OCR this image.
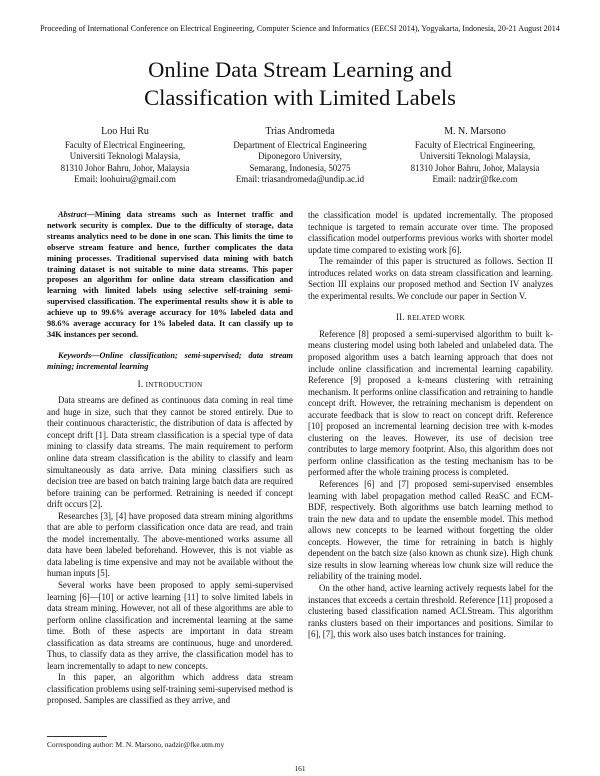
Proceeding of International Conference on Electrical Engineering, Computer Science and Informatics (EECSI 2014), Yogyakarta, Indonesia, 20-21 August 2014
Online Data Stream Learning and
Classification with Limited Labels
Loo Hui Ru
Faculty of Electrical Engineering,
Universiti Teknologi Malaysia,
81310 Johor Bahru, Johor, Malaysia
Email: loohuiru@gmail.com
Trias Andromeda
Department of Electrical Engineering
Diponegoro University,
Semarang, Indonesia, 50275
Email: triasandromeda@undip.ac.id
M. N. Marsono
Faculty of Electrical Engineering,
Universiti Teknologi Malaysia,
81310 Johor Bahru, Johor, Malaysia
Email: nadzir@fke.com

Abstract—Mining data streams such as Internet traffic and network security is complex. Due to the difficulty of storage, data streams analytics need to be done in one scan. This limits the time to observe stream feature and hence, further complicates the data mining processes. Traditional supervised data mining with batch training dataset is not suitable to mine data streams. This paper proposes an algorithm for online data stream classification and learning with limited labels using selective self-training semi-supervised classification. The experimental results show it is able to achieve up to 99.6% average accuracy for 10% labeled data and 98.6% average accuracy for 1% labeled data. It can classify up to 34K instances per second.

Keywords—Online classification; semi-supervised; data stream mining; incremental learning

I. INTRODUCTION

Data streams are defined as continuous data coming in real time and huge in size, such that they cannot be stored entirely. Due to their continuous characteristic, the distribution of data is affected by concept drift [1]. Data stream classification is a special type of data mining to classify data streams. The main requirement to perform online data stream classification is the ability to classify and learn simultaneously as data arrive. Data mining classifiers such as decision tree are based on batch training large batch data are required before training can be performed. Retraining is needed if concept drift occurs [2].

Researches [3], [4] have proposed data stream mining algorithms that are able to perform classification once data are read, and train the model incrementally. The above-mentioned works assume all data have been labeled beforehand. However, this is not viable as data labeling is time expensive and may not be available without the human inputs [5].

Several works have been proposed to apply semi-supervised learning [6]—[10] or active learning [11] to solve limited labels in data stream mining. However, not all of these algorithms are able to perform online classification and incremental learning at the same time. Both of these aspects are important in data stream classification as data streams are continuous, huge and unordered. Thus, to classify data as they arrive, the classification model has to learn incrementally to adapt to new concepts.

In this paper, an algorithm which address data stream classification problems using self-training semi-supervised method is proposed. Samples are classified as they arrive, and

the classification model is updated incrementally. The proposed technique is targeted to remain accurate over time. The proposed classification model outperforms previous works with shorter model update time compared to existing work [6].

The remainder of this paper is structured as follows. Section II introduces related works on data stream classification and learning. Section III explains our proposed method and Section IV analyzes the experimental results. We conclude our paper in Section V.

II. RELATED WORK

Reference [8] proposed a semi-supervised algorithm to built k-means clustering model using both labeled and unlabeled data. The proposed algorithm uses a batch learning approach that does not include online classification and incremental learning capability. Reference [9] proposed a k-means clustering with retraining mechanism. It performs online classification and retraining to handle concept drift. However, the retraining mechanism is dependent on accurate feedback that is slow to react on concept drift. Reference [10] proposed an incremental learning decision tree with k-modes clustering on the leaves. However, its use of decision tree contributes to large memory footprint. Also, this algorithm does not perform online classification as the testing mechanism has to be performed after the whole training process is completed.

References [6] and [7] proposed semi-supervised ensembles learning with label propagation method called ReaSC and ECM-BDF, respectively. Both algorithms use batch learning method to train the new data and to update the ensemble model. This method allows new concepts to be learned without forgetting the older concepts. However, the time for retraining in batch is highly dependent on the batch size (also known as chunk size). High chunk size results in slow learning whereas low chunk size will reduce the reliability of the training model.

On the other hand, active learning actively requests label for the instances that exceeds a certain threshold. Reference [11] proposed a clustering based classification named ACLStream. This algorithm ranks clusters based on their importances and positions. Similar to [6], [7], this work also uses batch instances for training.

Corresponding author: M. N. Marsono, nadzir@fke.utm.my
161
